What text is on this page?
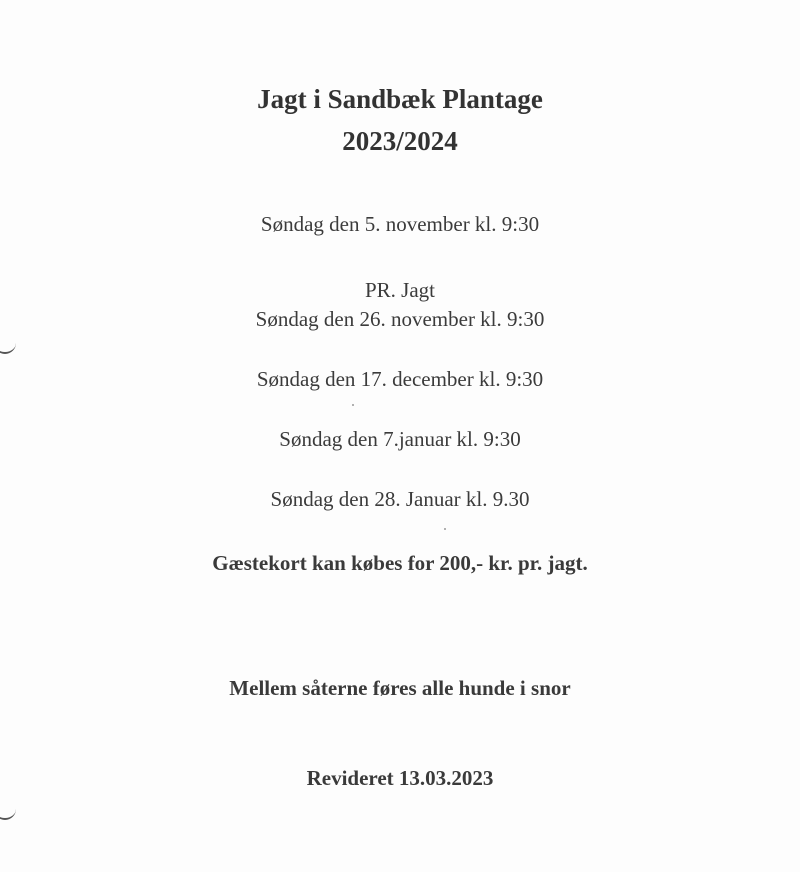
Jagt i Sandbæk Plantage
2023/2024
Søndag den 5. november kl. 9:30
PR. Jagt
Søndag den 26. november kl. 9:30
Søndag den 17. december kl. 9:30
Søndag den 7.januar kl. 9:30
Søndag den 28. Januar kl. 9.30
Gæstekort kan købes for 200,- kr. pr. jagt.
Mellem såterne føres alle hunde i snor
Revideret 13.03.2023
